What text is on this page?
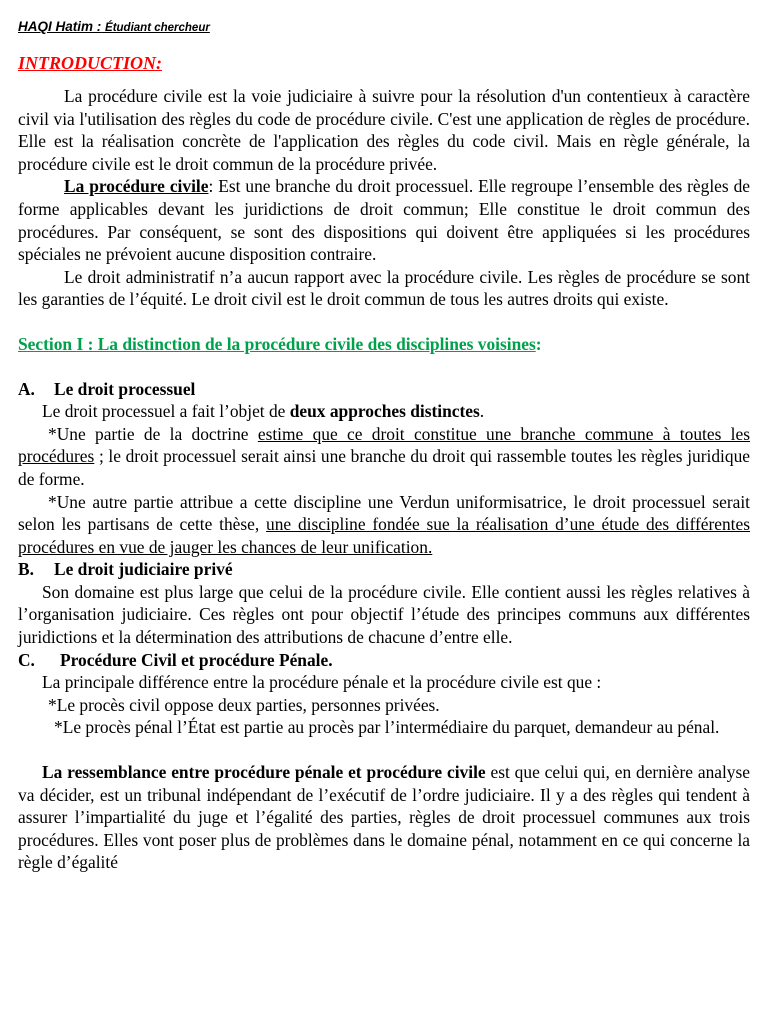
HAQI Hatim : Étudiant chercheur
INTRODUCTION:

La procédure civile est la voie judiciaire à suivre pour la résolution d'un contentieux à caractère civil via l'utilisation des règles du code de procédure civile. C'est une application de règles de procédure. Elle est la réalisation concrète de l'application des règles du code civil. Mais en règle générale, la procédure civile est le droit commun de la procédure privée.

La procédure civile: Est une branche du droit processuel. Elle regroupe l’ensemble des règles de forme applicables devant les juridictions de droit commun; Elle constitue le droit commun des procédures. Par conséquent, se sont des dispositions qui doivent être appliquées si les procédures spéciales ne prévoient aucune disposition contraire.

Le droit administratif n’a aucun rapport avec la procédure civile. Les règles de procédure se sont les garanties de l’équité. Le droit civil est le droit commun de tous les autres droits qui existe.

Section I : La distinction de la procédure civile des disciplines voisines:

A. Le droit processuel

Le droit processuel a fait l’objet de deux approches distinctes.

*Une partie de la doctrine estime que ce droit constitue une branche commune à toutes les procédures ; le droit processuel serait ainsi une branche du droit qui rassemble toutes les règles juridique de forme.

*Une autre partie attribue a cette discipline une Verdun uniformisatrice, le droit processuel serait selon les partisans de cette thèse, une discipline fondée sue la réalisation d’une étude des différentes procédures en vue de jauger les chances de leur unification.

B. Le droit judiciaire privé

Son domaine est plus large que celui de la procédure civile. Elle contient aussi les règles relatives à l’organisation judiciaire. Ces règles ont pour objectif l’étude des principes communs aux différentes juridictions et la détermination des attributions de chacune d’entre elle.

C. Procédure Civil et procédure Pénale.

La principale différence entre la procédure pénale et la procédure civile est que :

*Le procès civil oppose deux parties, personnes privées.

*Le procès pénal l’État est partie au procès par l’intermédiaire du parquet, demandeur au pénal.

La ressemblance entre procédure pénale et procédure civile est que celui qui, en dernière analyse va décider, est un tribunal indépendant de l’exécutif de l’ordre judiciaire. Il y a des règles qui tendent à assurer l’impartialité du juge et l’égalité des parties, règles de droit processuel communes aux trois procédures. Elles vont poser plus de problèmes dans le domaine pénal, notamment en ce qui concerne la règle d’égalité
